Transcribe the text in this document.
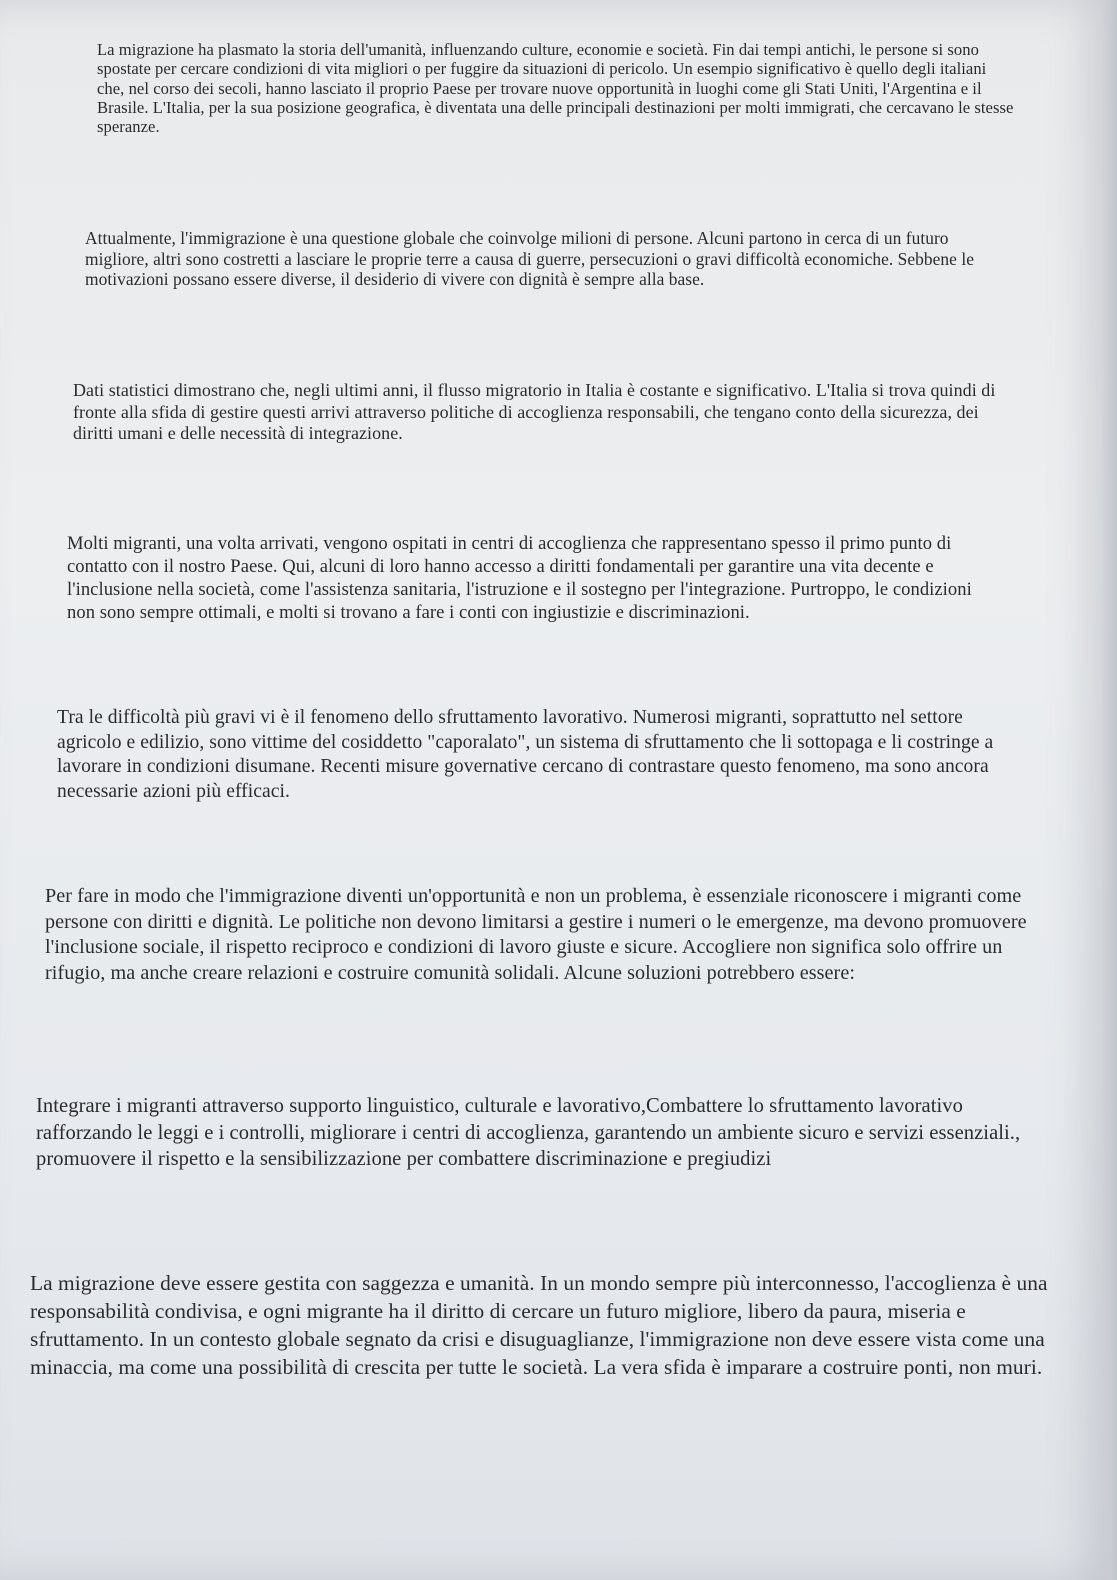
La migrazione ha plasmato la storia dell'umanità, influenzando culture, economie e società. Fin dai tempi antichi, le persone si sono spostate per cercare condizioni di vita migliori o per fuggire da situazioni di pericolo. Un esempio significativo è quello degli italiani che, nel corso dei secoli, hanno lasciato il proprio Paese per trovare nuove opportunità in luoghi come gli Stati Uniti, l'Argentina e il Brasile. L'Italia, per la sua posizione geografica, è diventata una delle principali destinazioni per molti immigrati, che cercavano le stesse speranze.

Attualmente, l'immigrazione è una questione globale che coinvolge milioni di persone. Alcuni partono in cerca di un futuro migliore, altri sono costretti a lasciare le proprie terre a causa di guerre, persecuzioni o gravi difficoltà economiche. Sebbene le motivazioni possano essere diverse, il desiderio di vivere con dignità è sempre alla base.

Dati statistici dimostrano che, negli ultimi anni, il flusso migratorio in Italia è costante e significativo. L'Italia si trova quindi di fronte alla sfida di gestire questi arrivi attraverso politiche di accoglienza responsabili, che tengano conto della sicurezza, dei diritti umani e delle necessità di integrazione.

Molti migranti, una volta arrivati, vengono ospitati in centri di accoglienza che rappresentano spesso il primo punto di contatto con il nostro Paese. Qui, alcuni di loro hanno accesso a diritti fondamentali per garantire una vita decente e l'inclusione nella società, come l'assistenza sanitaria, l'istruzione e il sostegno per l'integrazione. Purtroppo, le condizioni non sono sempre ottimali, e molti si trovano a fare i conti con ingiustizie e discriminazioni.

Tra le difficoltà più gravi vi è il fenomeno dello sfruttamento lavorativo. Numerosi migranti, soprattutto nel settore agricolo e edilizio, sono vittime del cosiddetto "caporalato", un sistema di sfruttamento che li sottopaga e li costringe a lavorare in condizioni disumane. Recenti misure governative cercano di contrastare questo fenomeno, ma sono ancora necessarie azioni più efficaci.

Per fare in modo che l'immigrazione diventi un'opportunità e non un problema, è essenziale riconoscere i migranti come persone con diritti e dignità. Le politiche non devono limitarsi a gestire i numeri o le emergenze, ma devono promuovere l'inclusione sociale, il rispetto reciproco e condizioni di lavoro giuste e sicure. Accogliere non significa solo offrire un rifugio, ma anche creare relazioni e costruire comunità solidali. Alcune soluzioni potrebbero essere:

Integrare i migranti attraverso supporto linguistico, culturale e lavorativo,Combattere lo sfruttamento lavorativo rafforzando le leggi e i controlli, migliorare i centri di accoglienza, garantendo un ambiente sicuro e servizi essenziali., promuovere il rispetto e la sensibilizzazione per combattere discriminazione e pregiudizi

La migrazione deve essere gestita con saggezza e umanità. In un mondo sempre più interconnesso, l'accoglienza è una responsabilità condivisa, e ogni migrante ha il diritto di cercare un futuro migliore, libero da paura, miseria e sfruttamento. In un contesto globale segnato da crisi e disuguaglianze, l'immigrazione non deve essere vista come una minaccia, ma come una possibilità di crescita per tutte le società. La vera sfida è imparare a costruire ponti, non muri.
